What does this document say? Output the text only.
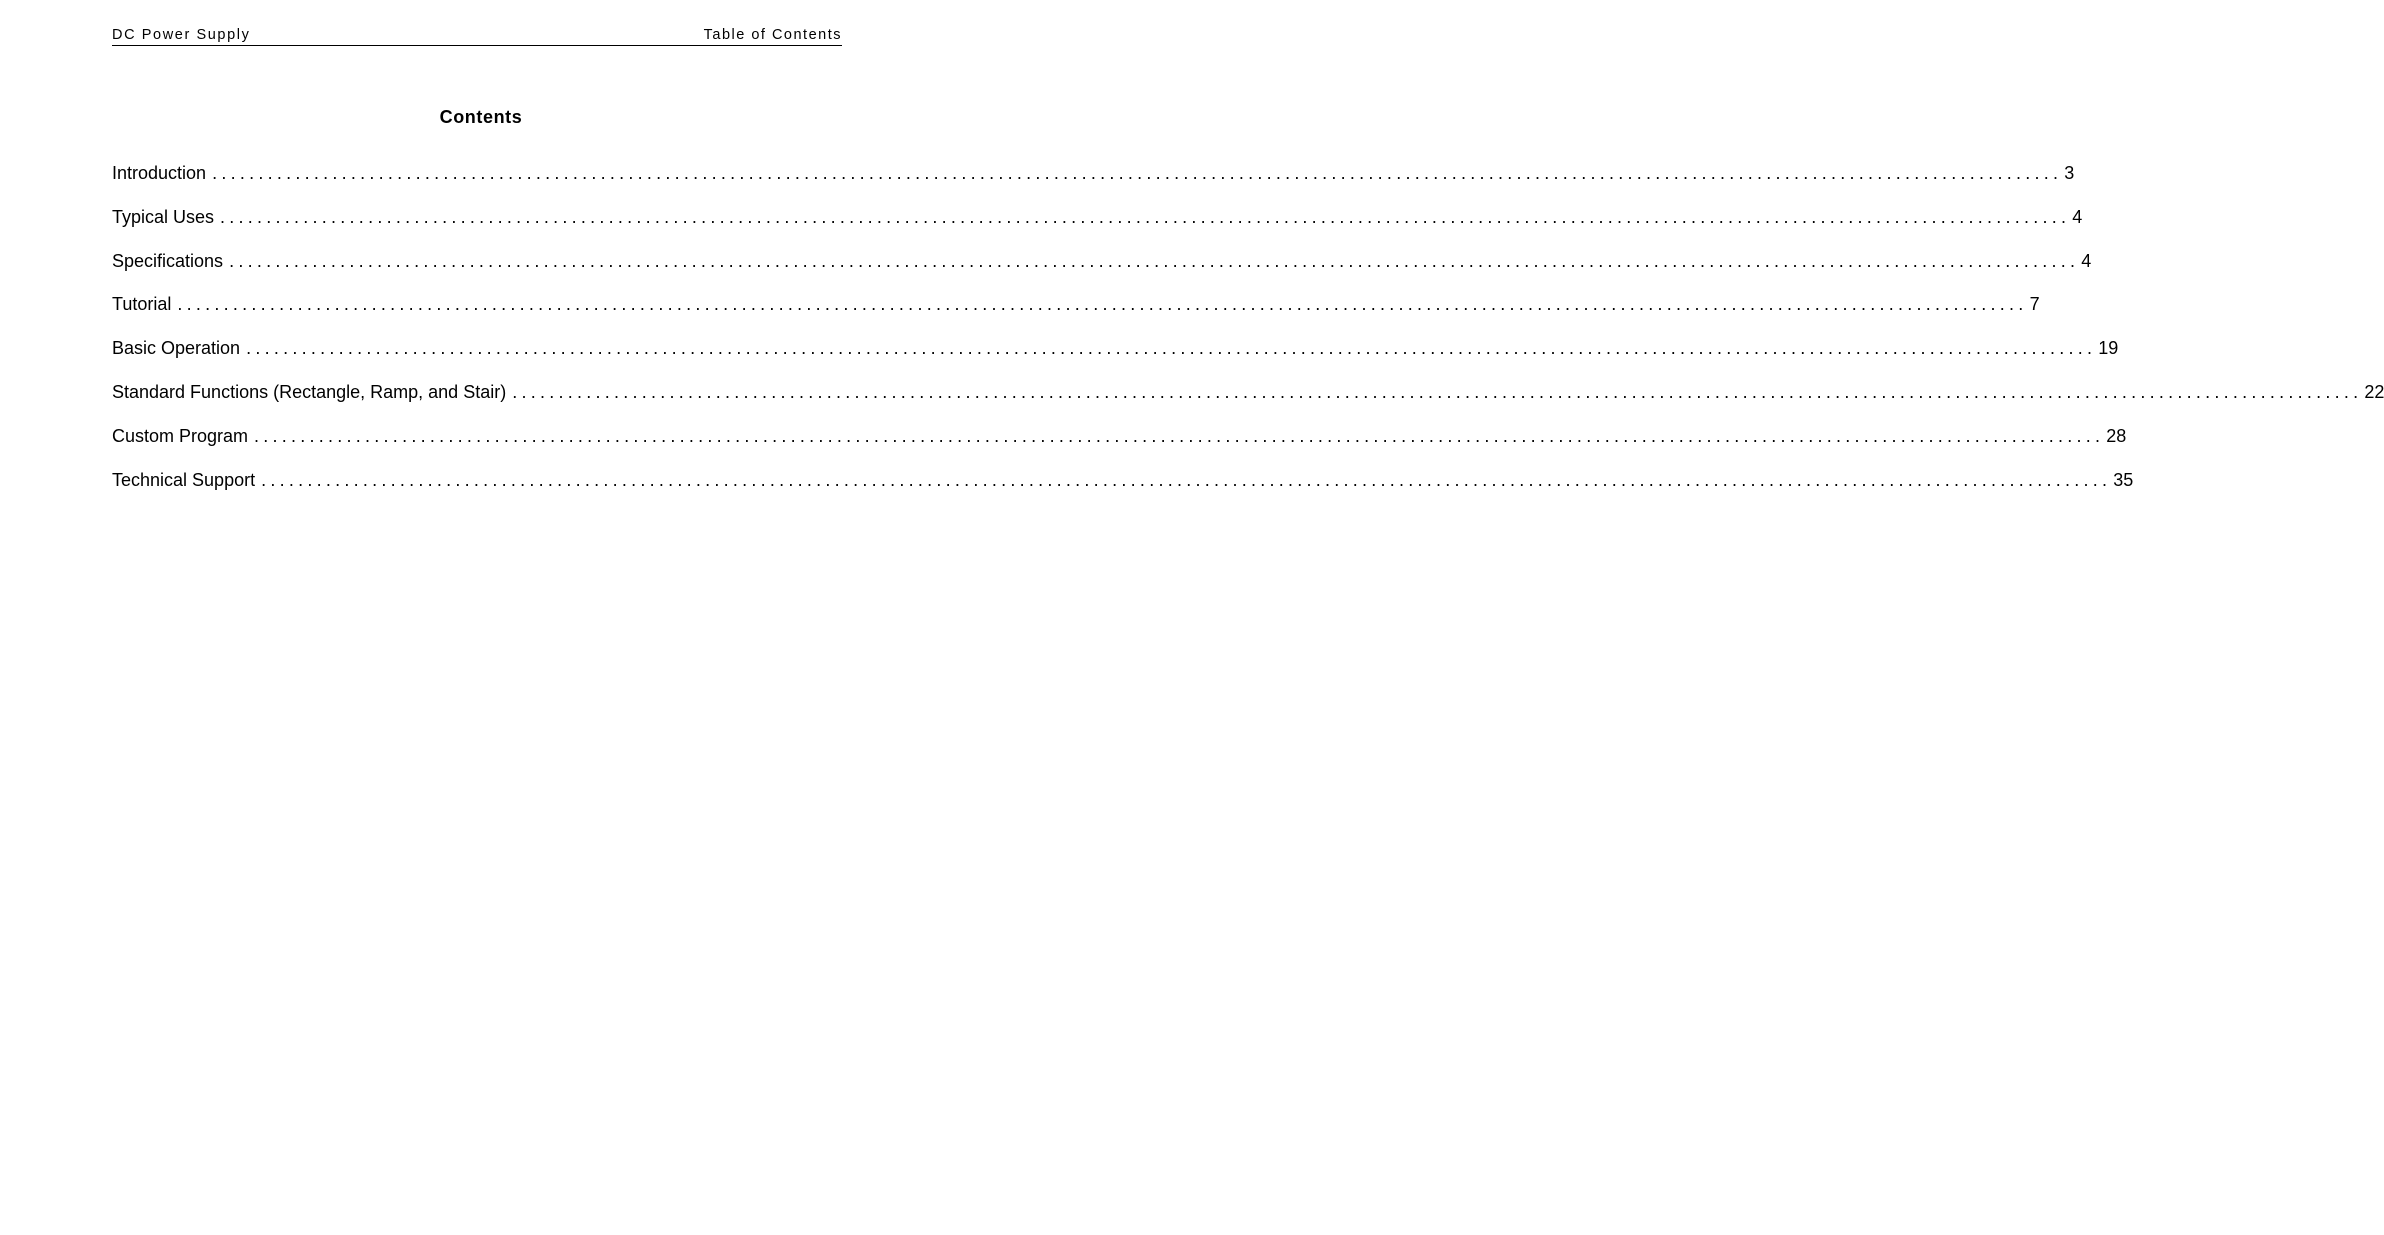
DC Power Supply	Table of Contents
Contents
Introduction ........................................................................................................................................................................................................ 3
Typical Uses ........................................................................................................................................................................................................ 4
Specifications ........................................................................................................................................................................................................ 4
Tutorial ........................................................................................................................................................................................................ 7
Basic Operation ........................................................................................................................................................................................................ 19
Standard Functions (Rectangle, Ramp, and Stair) ........................................................................................................................................................................................................ 22
Custom Program ........................................................................................................................................................................................................ 28
Technical Support ........................................................................................................................................................................................................ 35
